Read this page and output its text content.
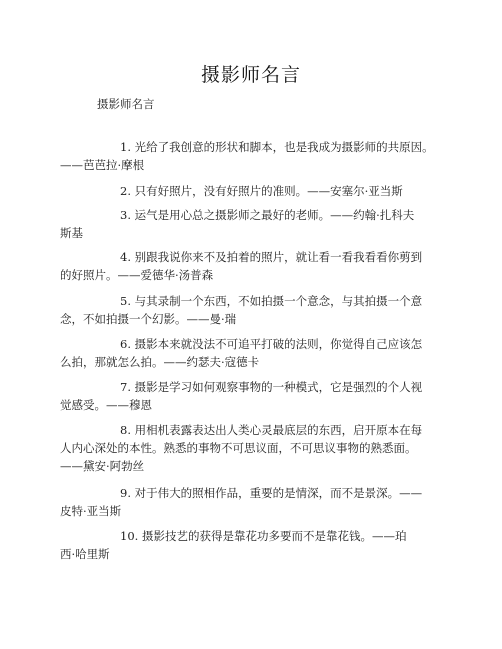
摄影师名言
摄影师名言
1. 光给了我创意的形状和脚本，也是我成为摄影师的共原因。
——芭芭拉·摩根
2. 只有好照片，没有好照片的准则。——安塞尔·亚当斯
3. 运气是用心总之摄影师之最好的老师。——约翰·扎科夫
斯基
4. 别跟我说你来不及拍着的照片，就让看一看我看看你剪到
的好照片。——爱德华·汤普森
5. 与其录制一个东西，不如拍摄一个意念，与其拍摄一个意
念，不如拍摄一个幻影。——曼·瑞
6. 摄影本来就没法不可追平打破的法则，你觉得自己应该怎
么拍，那就怎么拍。——约瑟夫·寇德卡
7. 摄影是学习如何观察事物的一种模式，它是强烈的个人视
觉感受。——穆恩
8. 用相机表露表达出人类心灵最底层的东西，启开原本在每
人内心深处的本性。熟悉的事物不可思议面，不可思议事物的熟悉面。
——黛安·阿勃丝
9. 对于伟大的照相作品，重要的是情深，而不是景深。——
皮特·亚当斯
10. 摄影技艺的获得是靠花功多要而不是靠花钱。——珀
西·哈里斯
